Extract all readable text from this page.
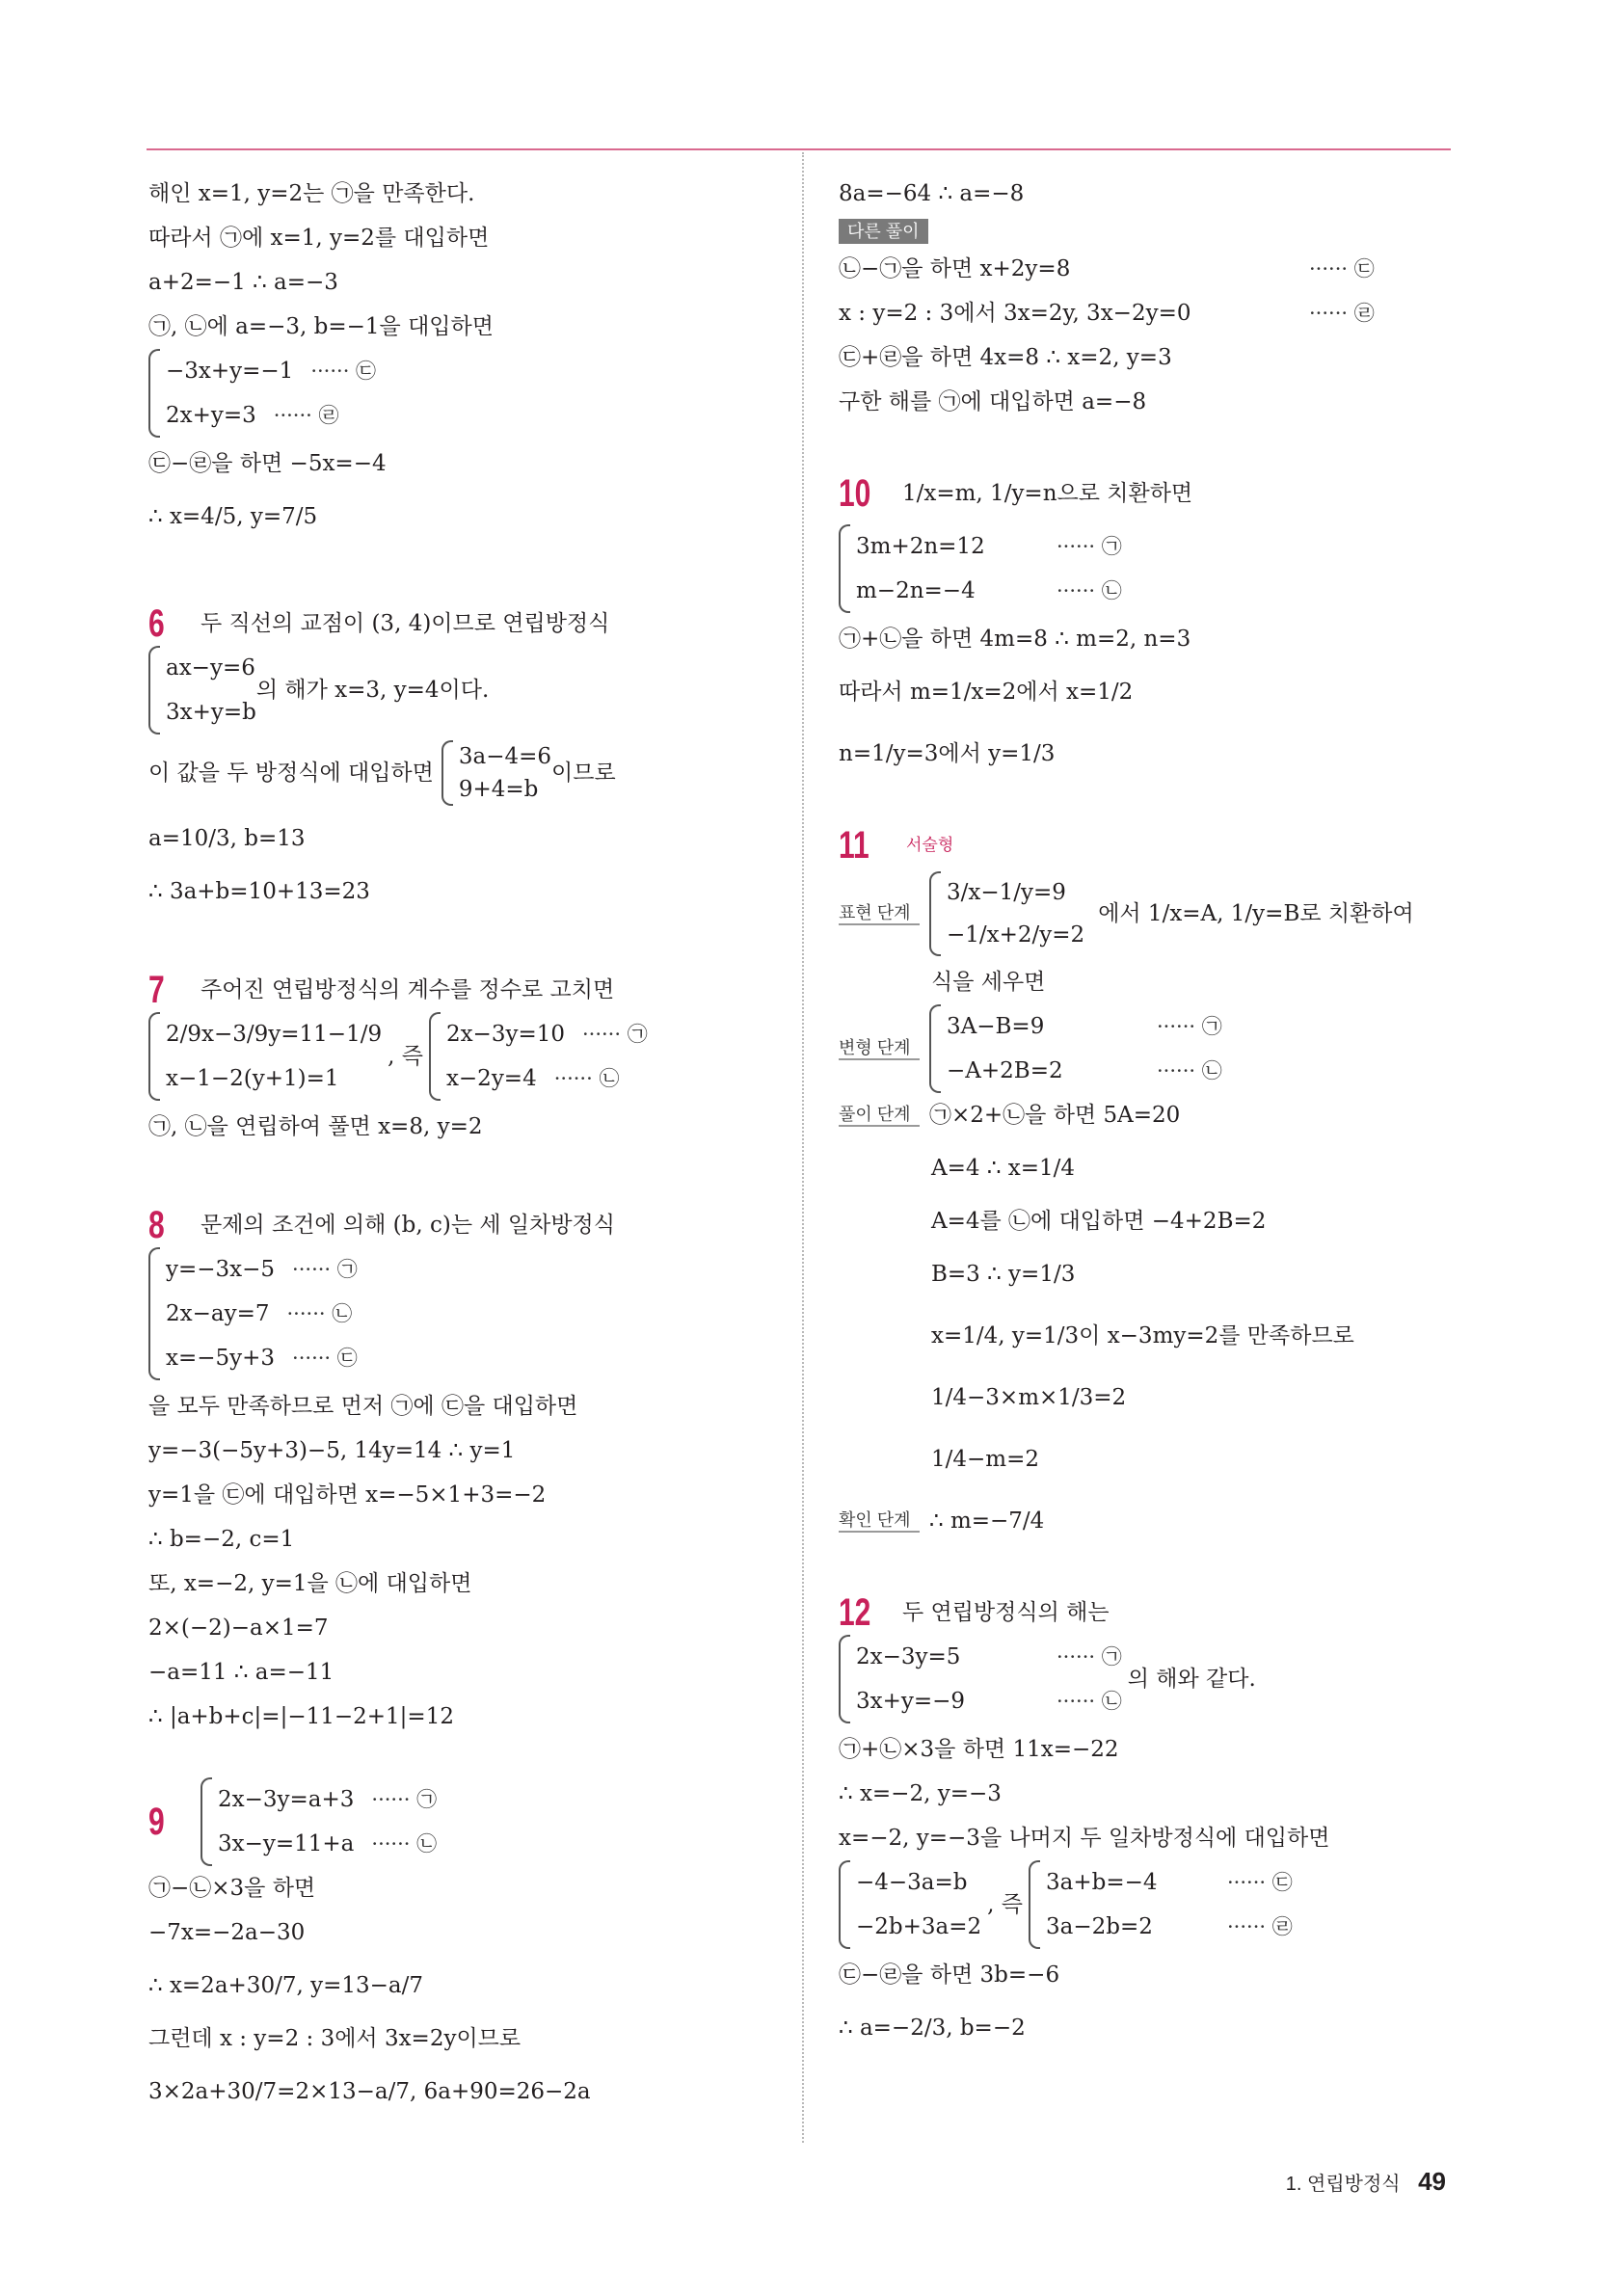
해인 x=1, y=2는 ㉠을 만족한다.
따라서 ㉠에 x=1, y=2를 대입하면
a+2=−1 ∴ a=−3
㉠, ㉡에 a=−3, b=−1을 대입하면
−3x+y=−1 ······ ㉢
2x+y=3 ······ ㉣
㉢−㉣을 하면 −5x=−4
∴ x=4/5, y=7/5
6	두 직선의 교점이 (3, 4)이므로 연립방정식
ax−y=6
3x+y=b
의 해가 x=3, y=4이다.
이 값을 두 방정식에 대입하면
3a−4=6
9+4=b
이므로
a=10/3, b=13
∴ 3a+b=10+13=23
7	주어진 연립방정식의 계수를 정수로 고치면
2/9x−3/9y=11−1/9
x−1−2(y+1)=1
, 즉
2x−3y=10 ······ ㉠
x−2y=4 ······ ㉡
㉠, ㉡을 연립하여 풀면 x=8, y=2
8	문제의 조건에 의해 (b, c)는 세 일차방정식
y=−3x−5 ······ ㉠
2x−ay=7 ······ ㉡
x=−5y+3 ······ ㉢
을 모두 만족하므로 먼저 ㉠에 ㉢을 대입하면
y=−3(−5y+3)−5, 14y=14 ∴ y=1
y=1을 ㉢에 대입하면 x=−5×1+3=−2
∴ b=−2, c=1
또, x=−2, y=1을 ㉡에 대입하면
2×(−2)−a×1=7
−a=11 ∴ a=−11
∴ |a+b+c|=|−11−2+1|=12
9
2x−3y=a+3 ······ ㉠
3x−y=11+a ······ ㉡
㉠−㉡×3을 하면
−7x=−2a−30
∴ x=2a+30/7, y=13−a/7
그런데 x : y=2 : 3에서 3x=2y이므로
3×2a+30/7=2×13−a/7, 6a+90=26−2a
8a=−64 ∴ a=−8
다른 풀이
㉡−㉠을 하면 x+2y=8	······ ㉢
x : y=2 : 3에서 3x=2y, 3x−2y=0	······ ㉣
㉢+㉣을 하면 4x=8 ∴ x=2, y=3
구한 해를 ㉠에 대입하면 a=−8
10 1/x=m, 1/y=n으로 치환하면
3m+2n=12	······ ㉠
m−2n=−4	······ ㉡
㉠+㉡을 하면 4m=8 ∴ m=2, n=3
따라서 m=1/x=2에서 x=1/2
n=1/y=3에서 y=1/3
11	서술형
표현 단계
3/x−1/y=9
−1/x+2/y=2
에서 1/x=A, 1/y=B로 치환하여
식을 세우면
변형 단계
3A−B=9	······ ㉠
−A+2B=2	······ ㉡
풀이 단계 ㉠×2+㉡을 하면 5A=20
A=4 ∴ x=1/4
A=4를 ㉡에 대입하면 −4+2B=2
B=3 ∴ y=1/3
x=1/4, y=1/3이 x−3my=2를 만족하므로
1/4−3×m×1/3=2
1/4−m=2
확인 단계 ∴ m=−7/4
12 두 연립방정식의 해는
2x−3y=5	······ ㉠
3x+y=−9	······ ㉡
의 해와 같다.
㉠+㉡×3을 하면 11x=−22
∴ x=−2, y=−3
x=−2, y=−3을 나머지 두 일차방정식에 대입하면
−4−3a=b
−2b+3a=2
, 즉
3a+b=−4	······ ㉢
3a−2b=2	······ ㉣
㉢−㉣을 하면 3b=−6
∴ a=−2/3, b=−2
1. 연립방정식 49
